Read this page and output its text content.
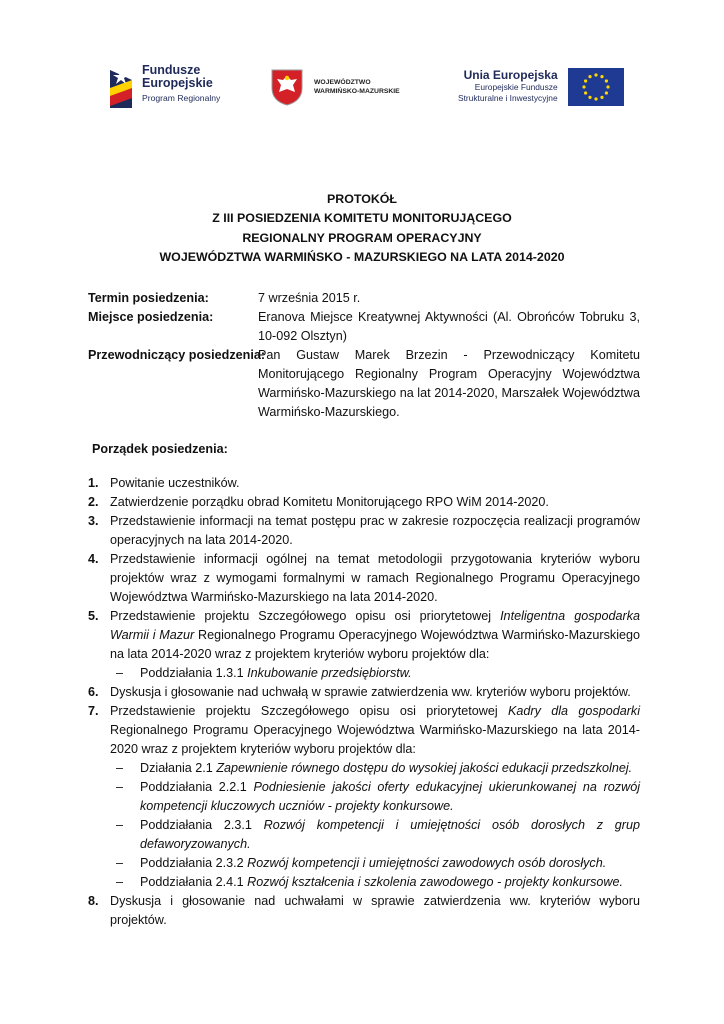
Fundusze
Europejskie
Program Regionalny
WOJEWÓDZTWO
WARMIŃSKO-MAZURSKIE
Unia Europejska
Europejskie Fundusze
Strukturalne i Inwestycyjne
PROTOKÓŁ
Z III POSIEDZENIA KOMITETU MONITORUJĄCEGO
REGIONALNY PROGRAM OPERACYJNY
WOJEWÓDZTWA WARMIŃSKO - MAZURSKIEGO NA LATA 2014-2020
Termin posiedzenia:	7 września 2015 r.
Miejsce posiedzenia:	Eranova Miejsce Kreatywnej Aktywności (Al. Obrońców Tobruku 3, 10-092 Olsztyn)
Przewodniczący posiedzenia:
Pan Gustaw Marek Brzezin - Przewodniczący Komitetu Monitorującego Regionalny Program Operacyjny Województwa Warmińsko-Mazurskiego na lat 2014-2020, Marszałek Województwa Warmińsko-Mazurskiego.
Porządek posiedzenia:
1. Powitanie uczestników.
2. Zatwierdzenie porządku obrad Komitetu Monitorującego RPO WiM 2014-2020.
3. Przedstawienie informacji na temat postępu prac w zakresie rozpoczęcia realizacji programów operacyjnych na lata 2014-2020.
4. Przedstawienie informacji ogólnej na temat metodologii przygotowania kryteriów wyboru projektów wraz z wymogami formalnymi w ramach Regionalnego Programu Operacyjnego Województwa Warmińsko-Mazurskiego na lata 2014-2020.
5. Przedstawienie projektu Szczegółowego opisu osi priorytetowej Inteligentna gospodarka Warmii i Mazur Regionalnego Programu Operacyjnego Województwa Warmińsko-Mazurskiego na lata 2014-2020 wraz z projektem kryteriów wyboru projektów dla:
–	Poddziałania 1.3.1 Inkubowanie przedsiębiorstw.
6. Dyskusja i głosowanie nad uchwałą w sprawie zatwierdzenia ww. kryteriów wyboru projektów.
7. Przedstawienie projektu Szczegółowego opisu osi priorytetowej Kadry dla gospodarki Regionalnego Programu Operacyjnego Województwa Warmińsko-Mazurskiego na lata 2014-2020 wraz z projektem kryteriów wyboru projektów dla:
–	Działania 2.1 Zapewnienie równego dostępu do wysokiej jakości edukacji przedszkolnej.
–	Poddziałania 2.2.1 Podniesienie jakości oferty edukacyjnej ukierunkowanej na rozwój kompetencji kluczowych uczniów - projekty konkursowe.
–	Poddziałania 2.3.1 Rozwój kompetencji i umiejętności osób dorosłych z grup defaworyzowanych.
–	Poddziałania 2.3.2 Rozwój kompetencji i umiejętności zawodowych osób dorosłych.
–	Poddziałania 2.4.1 Rozwój kształcenia i szkolenia zawodowego - projekty konkursowe.
8. Dyskusja i głosowanie nad uchwałami w sprawie zatwierdzenia ww. kryteriów wyboru projektów.
